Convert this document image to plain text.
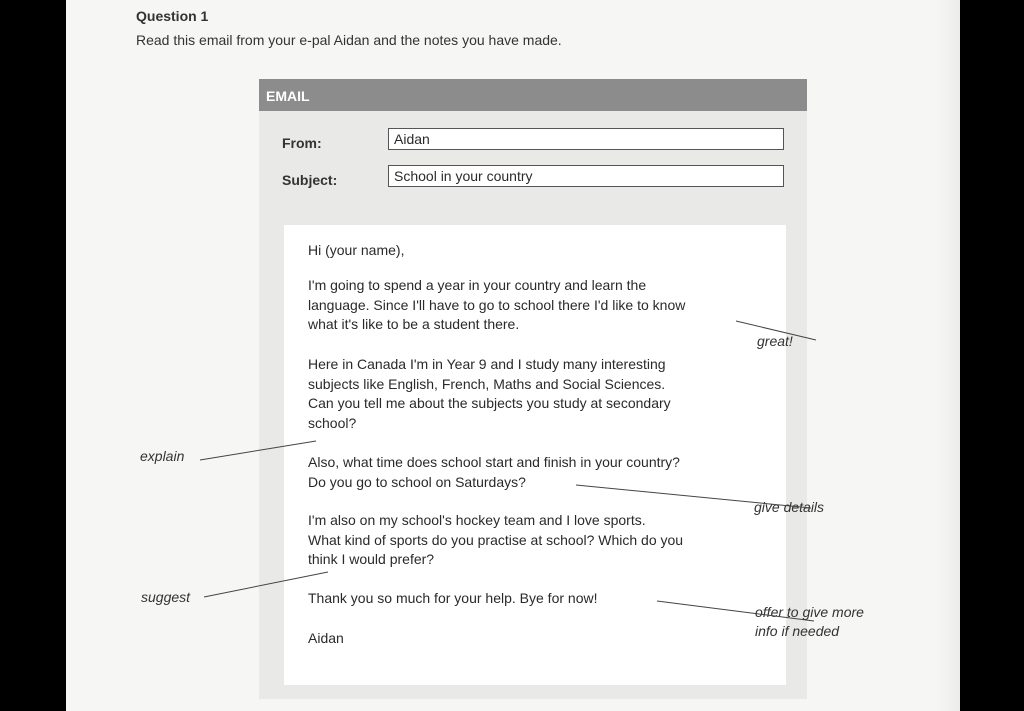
Question 1
Read this email from your e-pal Aidan and the notes you have made.
EMAIL
From:	Aidan
Subject:	School in your country
Hi (your name),
I'm going to spend a year in your country and learn the
language. Since I'll have to go to school there I'd like to know
what it's like to be a student there.
Here in Canada I'm in Year 9 and I study many interesting
subjects like English, French, Maths and Social Sciences.
Can you tell me about the subjects you study at secondary
school?
Also, what time does school start and finish in your country?
Do you go to school on Saturdays?
I'm also on my school's hockey team and I love sports.
What kind of sports do you practise at school? Which do you
think I would prefer?
Thank you so much for your help. Bye for now!
Aidan
great!
explain
give details
suggest
offer to give more
info if needed
